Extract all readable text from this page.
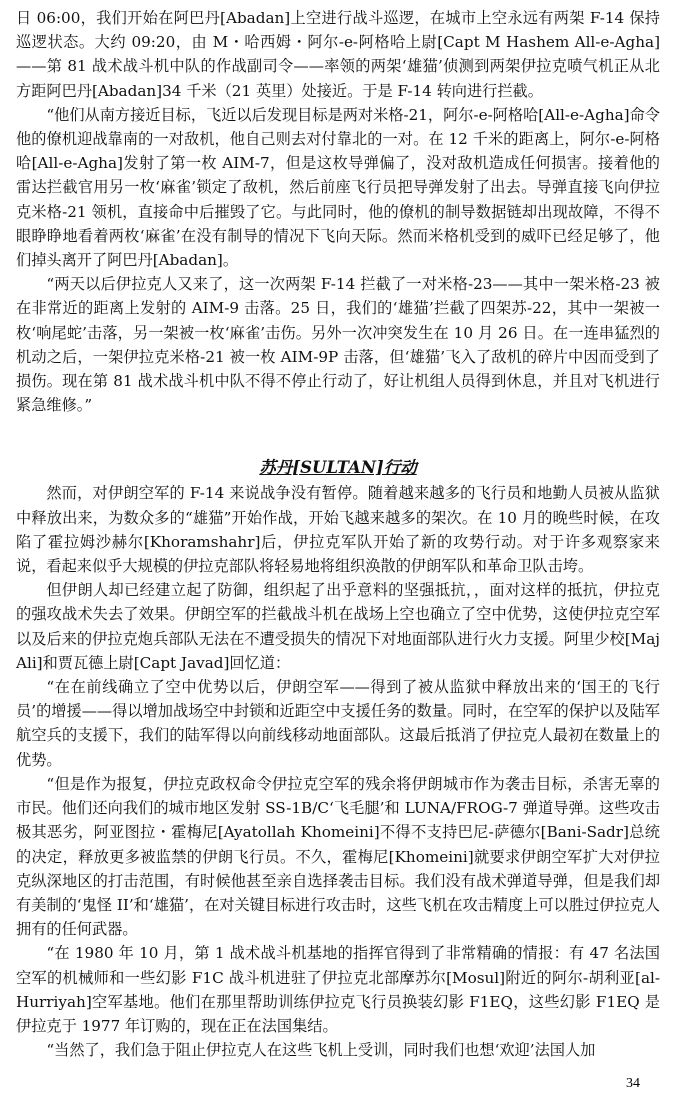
日 06:00，我们开始在阿巴丹[Abadan]上空进行战斗巡逻，在城市上空永远有两架 F-14 保持巡逻状态。大约 09:20，由 M・哈西姆・阿尔-e-阿格哈上尉[Capt M Hashem All-e-Agha]——第 81 战术战斗机中队的作战副司令——率领的两架‘雄猫’侦测到两架伊拉克喷气机正从北方距阿巴丹[Abadan]34 千米（21 英里）处接近。于是 F-14 转向进行拦截。

“他们从南方接近目标，飞近以后发现目标是两对米格-21，阿尔-e-阿格哈[All-e-Agha]命令他的僚机迎战靠南的一对敌机，他自己则去对付靠北的一对。在 12 千米的距离上，阿尔-e-阿格哈[All-e-Agha]发射了第一枚 AIM-7，但是这枚导弹偏了，没对敌机造成任何损害。接着他的雷达拦截官用另一枚‘麻雀’锁定了敌机，然后前座飞行员把导弹发射了出去。导弹直接飞向伊拉克米格-21 领机，直接命中后摧毁了它。与此同时，他的僚机的制导数据链却出现故障，不得不眼睁睁地看着两枚‘麻雀’在没有制导的情况下飞向天际。然而米格机受到的威吓已经足够了，他们掉头离开了阿巴丹[Abadan]。

“两天以后伊拉克人又来了，这一次两架 F-14 拦截了一对米格-23——其中一架米格-23 被在非常近的距离上发射的 AIM-9 击落。25 日，我们的‘雄猫’拦截了四架苏-22，其中一架被一枚‘响尾蛇’击落，另一架被一枚‘麻雀’击伤。另外一次冲突发生在 10 月 26 日。在一连串猛烈的机动之后，一架伊拉克米格-21 被一枚 AIM-9P 击落，但‘雄猫’飞入了敌机的碎片中因而受到了损伤。现在第 81 战术战斗机中队不得不停止行动了，好让机组人员得到休息，并且对飞机进行紧急维修。”

苏丹[SULTAN]行动

然而，对伊朗空军的 F-14 来说战争没有暂停。随着越来越多的飞行员和地勤人员被从监狱中释放出来，为数众多的“雄猫”开始作战，开始飞越来越多的架次。在 10 月的晚些时候，在攻陷了霍拉姆沙赫尔[Khoramshahr]后，伊拉克军队开始了新的攻势行动。对于许多观察家来说，看起来似乎大规模的伊拉克部队将轻易地将组织涣散的伊朗军队和革命卫队击垮。

但伊朗人却已经建立起了防御，组织起了出乎意料的坚强抵抗，，面对这样的抵抗，伊拉克的强攻战术失去了效果。伊朗空军的拦截战斗机在战场上空也确立了空中优势，这使伊拉克空军以及后来的伊拉克炮兵部队无法在不遭受损失的情况下对地面部队进行火力支援。阿里少校[Maj Ali]和贾瓦德上尉[Capt Javad]回忆道：

“在在前线确立了空中优势以后，伊朗空军——得到了被从监狱中释放出来的‘国王的飞行员’的增援——得以增加战场空中封锁和近距空中支援任务的数量。同时，在空军的保护以及陆军航空兵的支援下，我们的陆军得以向前线移动地面部队。这最后抵消了伊拉克人最初在数量上的优势。

“但是作为报复，伊拉克政权命令伊拉克空军的残余将伊朗城市作为袭击目标，杀害无辜的市民。他们还向我们的城市地区发射 SS-1B/C‘飞毛腿’和 LUNA/FROG-7 弹道导弹。这些攻击极其恶劣，阿亚图拉・霍梅尼[Ayatollah Khomeini]不得不支持巴尼-萨德尔[Bani-Sadr]总统的决定，释放更多被监禁的伊朗飞行员。不久，霍梅尼[Khomeini]就要求伊朗空军扩大对伊拉克纵深地区的打击范围，有时候他甚至亲自选择袭击目标。我们没有战术弹道导弹，但是我们却有美制的‘鬼怪 II’和‘雄猫’，在对关键目标进行攻击时，这些飞机在攻击精度上可以胜过伊拉克人拥有的任何武器。

“在 1980 年 10 月，第 1 战术战斗机基地的指挥官得到了非常精确的情报：有 47 名法国空军的机械师和一些幻影 F1C 战斗机进驻了伊拉克北部摩苏尔[Mosul]附近的阿尔-胡利亚[al-Hurriyah]空军基地。他们在那里帮助训练伊拉克飞行员换装幻影 F1EQ，这些幻影 F1EQ 是伊拉克于 1977 年订购的，现在正在法国集结。

“当然了，我们急于阻止伊拉克人在这些飞机上受训，同时我们也想‘欢迎’法国人加

34
